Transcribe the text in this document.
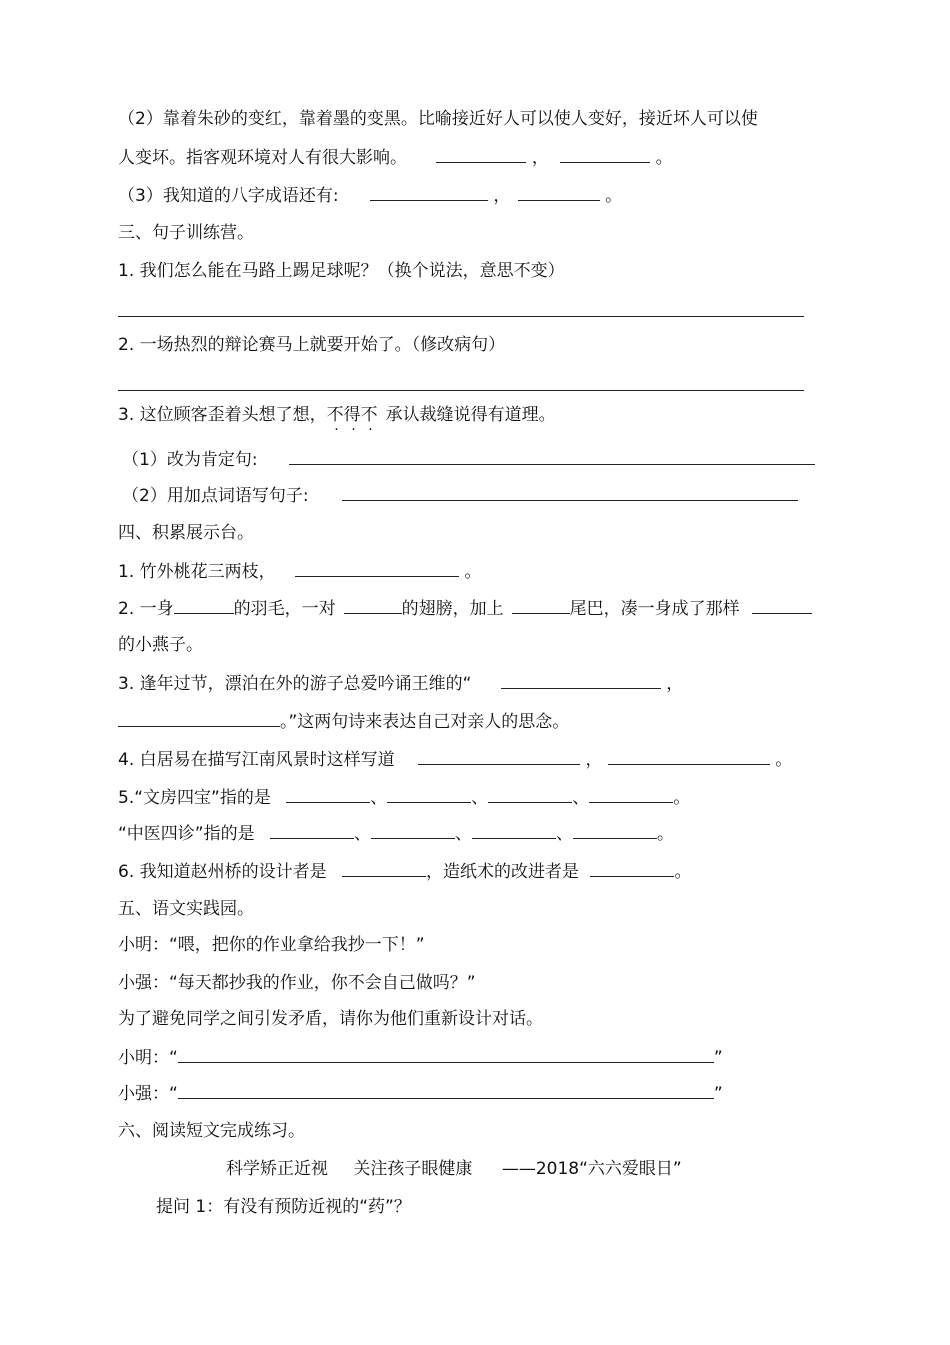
（2）靠着朱砂的变红，靠着墨的变黑。比喻接近好人可以使人变好，接近坏人可以使
人变坏。指客观环境对人有很大影响。	，	。
（3）我知道的八字成语还有:	，	。
三、句子训练营。
1. 我们怎么能在马路上踢足球呢？（换个说法，意思不变）
2. 一场热烈的辩论赛马上就要开始了。（修改病句）
3. 这位顾客歪着头想了想，不得不 承认裁缝说得有道理。
（1）改为肯定句:
（2）用加点词语写句子:
四、积累展示台。
1. 竹外桃花三两枝，	。
2. 一身	的羽毛，一对	的翅膀，加上	尾巴，凑一身成了那样
的小燕子。
3. 逢年过节，漂泊在外的游子总爱吟诵王维的“	，
。”这两句诗来表达自己对亲人的思念。
4. 白居易在描写江南风景时这样写道	，	。
5.“文房四宝”指的是	、	、	、	。
“中医四诊”指的是	、	、	、	。
6. 我知道赵州桥的设计者是	，造纸术的改进者是	。
五、语文实践园。
小明：“喂，把你的作业拿给我抄一下！”
小强：“每天都抄我的作业，你不会自己做吗？”
为了避免同学之间引发矛盾，请你为他们重新设计对话。
小明：“	”
小强：“	”
六、阅读短文完成练习。
科学矫正近视 关注孩子眼健康 ——2018“六六爱眼日”
提问 1：有没有预防近视的“药”？
